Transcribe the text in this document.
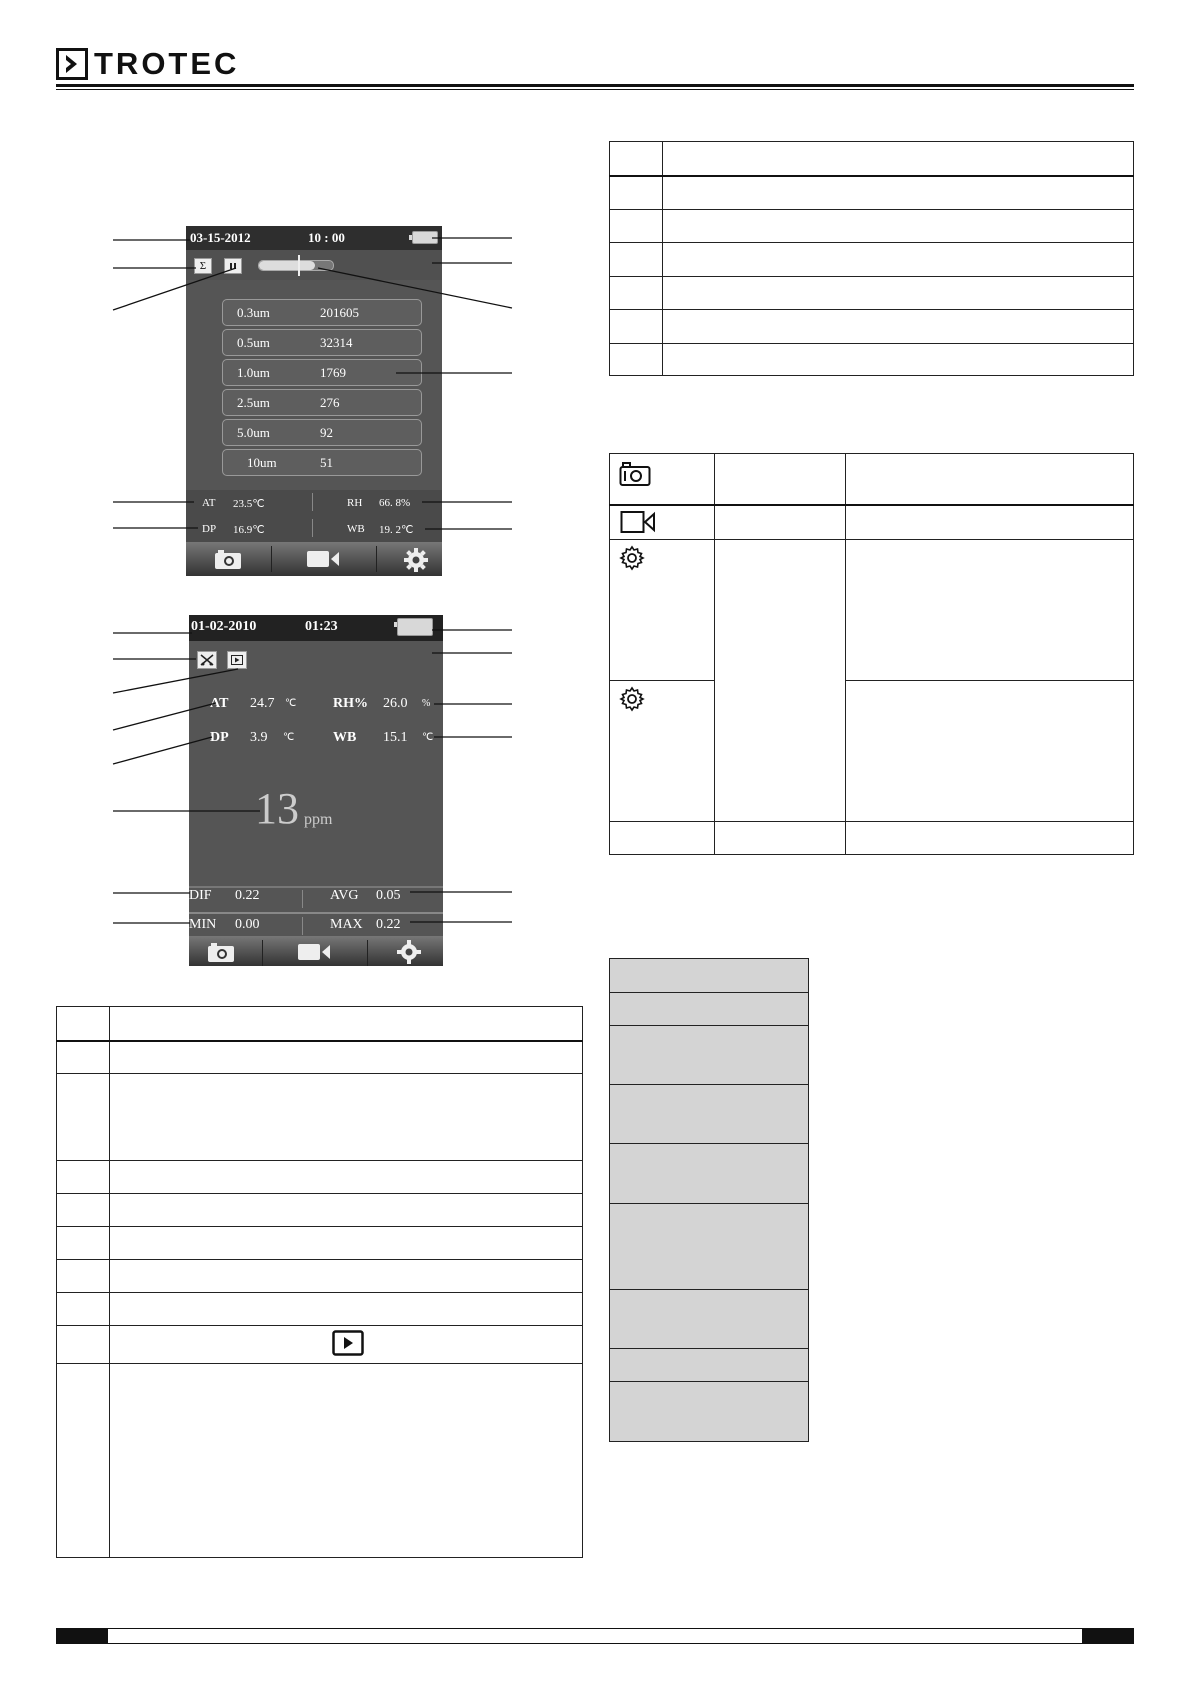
TROTEC
03-15-2012	10 : 00
Σ
0.3um	201605
0.5um	32314
1.0um	1769
2.5um	276
5.0um	92
10um	51
AT 23.5℃	RH 66. 8%
DP 16.9℃	WB 19. 2℃
01-02-2010	01:23
AT 24.7 ℃	RH% 26.0 %
DP 3.9 ℃	WB 15.1 ℃
13 ppm
DIF 0.22	AVG 0.05
MIN 0.00	MAX 0.22
